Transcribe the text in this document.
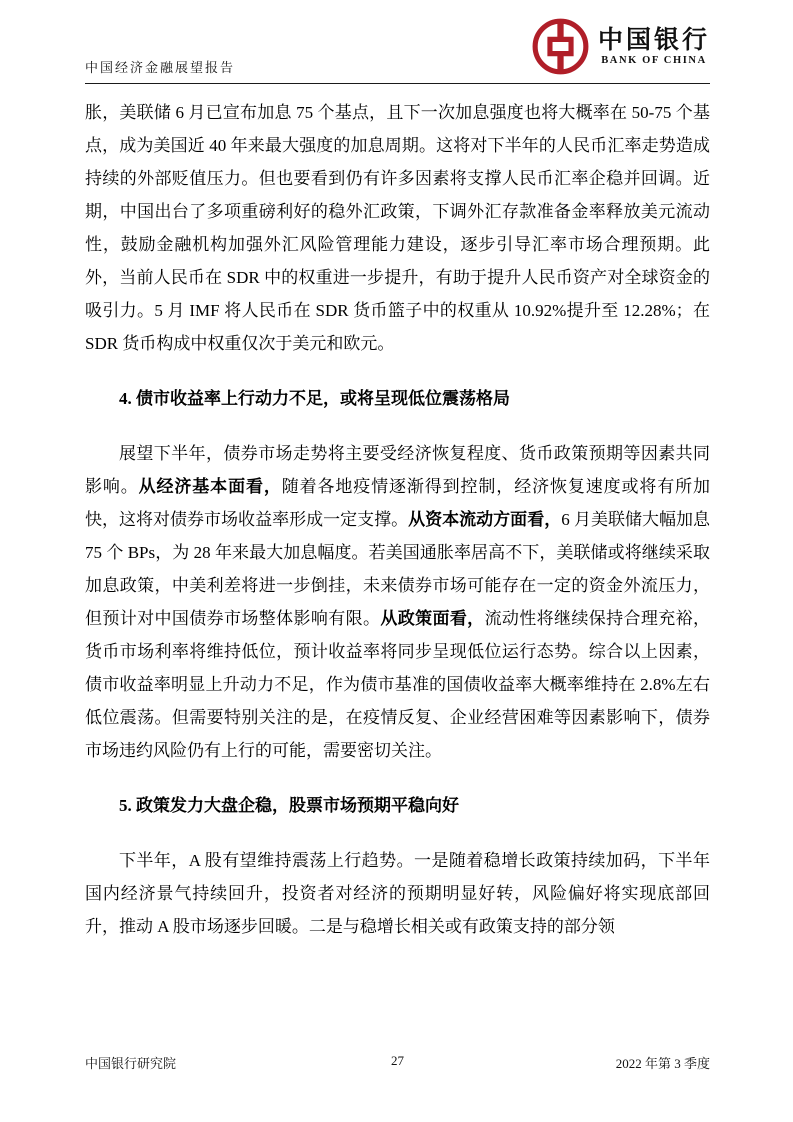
中国经济金融展望报告
中国银行
BANK OF CHINA

胀，美联储 6 月已宣布加息 75 个基点，且下一次加息强度也将大概率在 50-75 个基点，成为美国近 40 年来最大强度的加息周期。这将对下半年的人民币汇率走势造成持续的外部贬值压力。但也要看到仍有许多因素将支撑人民币汇率企稳并回调。近期，中国出台了多项重磅利好的稳外汇政策，下调外汇存款准备金率释放美元流动性，鼓励金融机构加强外汇风险管理能力建设，逐步引导汇率市场合理预期。此外，当前人民币在 SDR 中的权重进一步提升，有助于提升人民币资产对全球资金的吸引力。5 月 IMF 将人民币在 SDR 货币篮子中的权重从 10.92%提升至 12.28%；在 SDR 货币构成中权重仅次于美元和欧元。

4. 债市收益率上行动力不足，或将呈现低位震荡格局

展望下半年，债券市场走势将主要受经济恢复程度、货币政策预期等因素共同影响。从经济基本面看，随着各地疫情逐渐得到控制，经济恢复速度或将有所加快，这将对债券市场收益率形成一定支撑。从资本流动方面看，6 月美联储大幅加息 75 个 BPs，为 28 年来最大加息幅度。若美国通胀率居高不下，美联储或将继续采取加息政策，中美利差将进一步倒挂，未来债券市场可能存在一定的资金外流压力，但预计对中国债券市场整体影响有限。从政策面看，流动性将继续保持合理充裕，货币市场利率将维持低位，预计收益率将同步呈现低位运行态势。综合以上因素，债市收益率明显上升动力不足，作为债市基准的国债收益率大概率维持在 2.8%左右低位震荡。但需要特别关注的是，在疫情反复、企业经营困难等因素影响下，债券市场违约风险仍有上行的可能，需要密切关注。

5. 政策发力大盘企稳，股票市场预期平稳向好

下半年，A 股有望维持震荡上行趋势。一是随着稳增长政策持续加码，下半年国内经济景气持续回升，投资者对经济的预期明显好转，风险偏好将实现底部回升，推动 A 股市场逐步回暖。二是与稳增长相关或有政策支持的部分领

中国银行研究院	27	2022 年第 3 季度
